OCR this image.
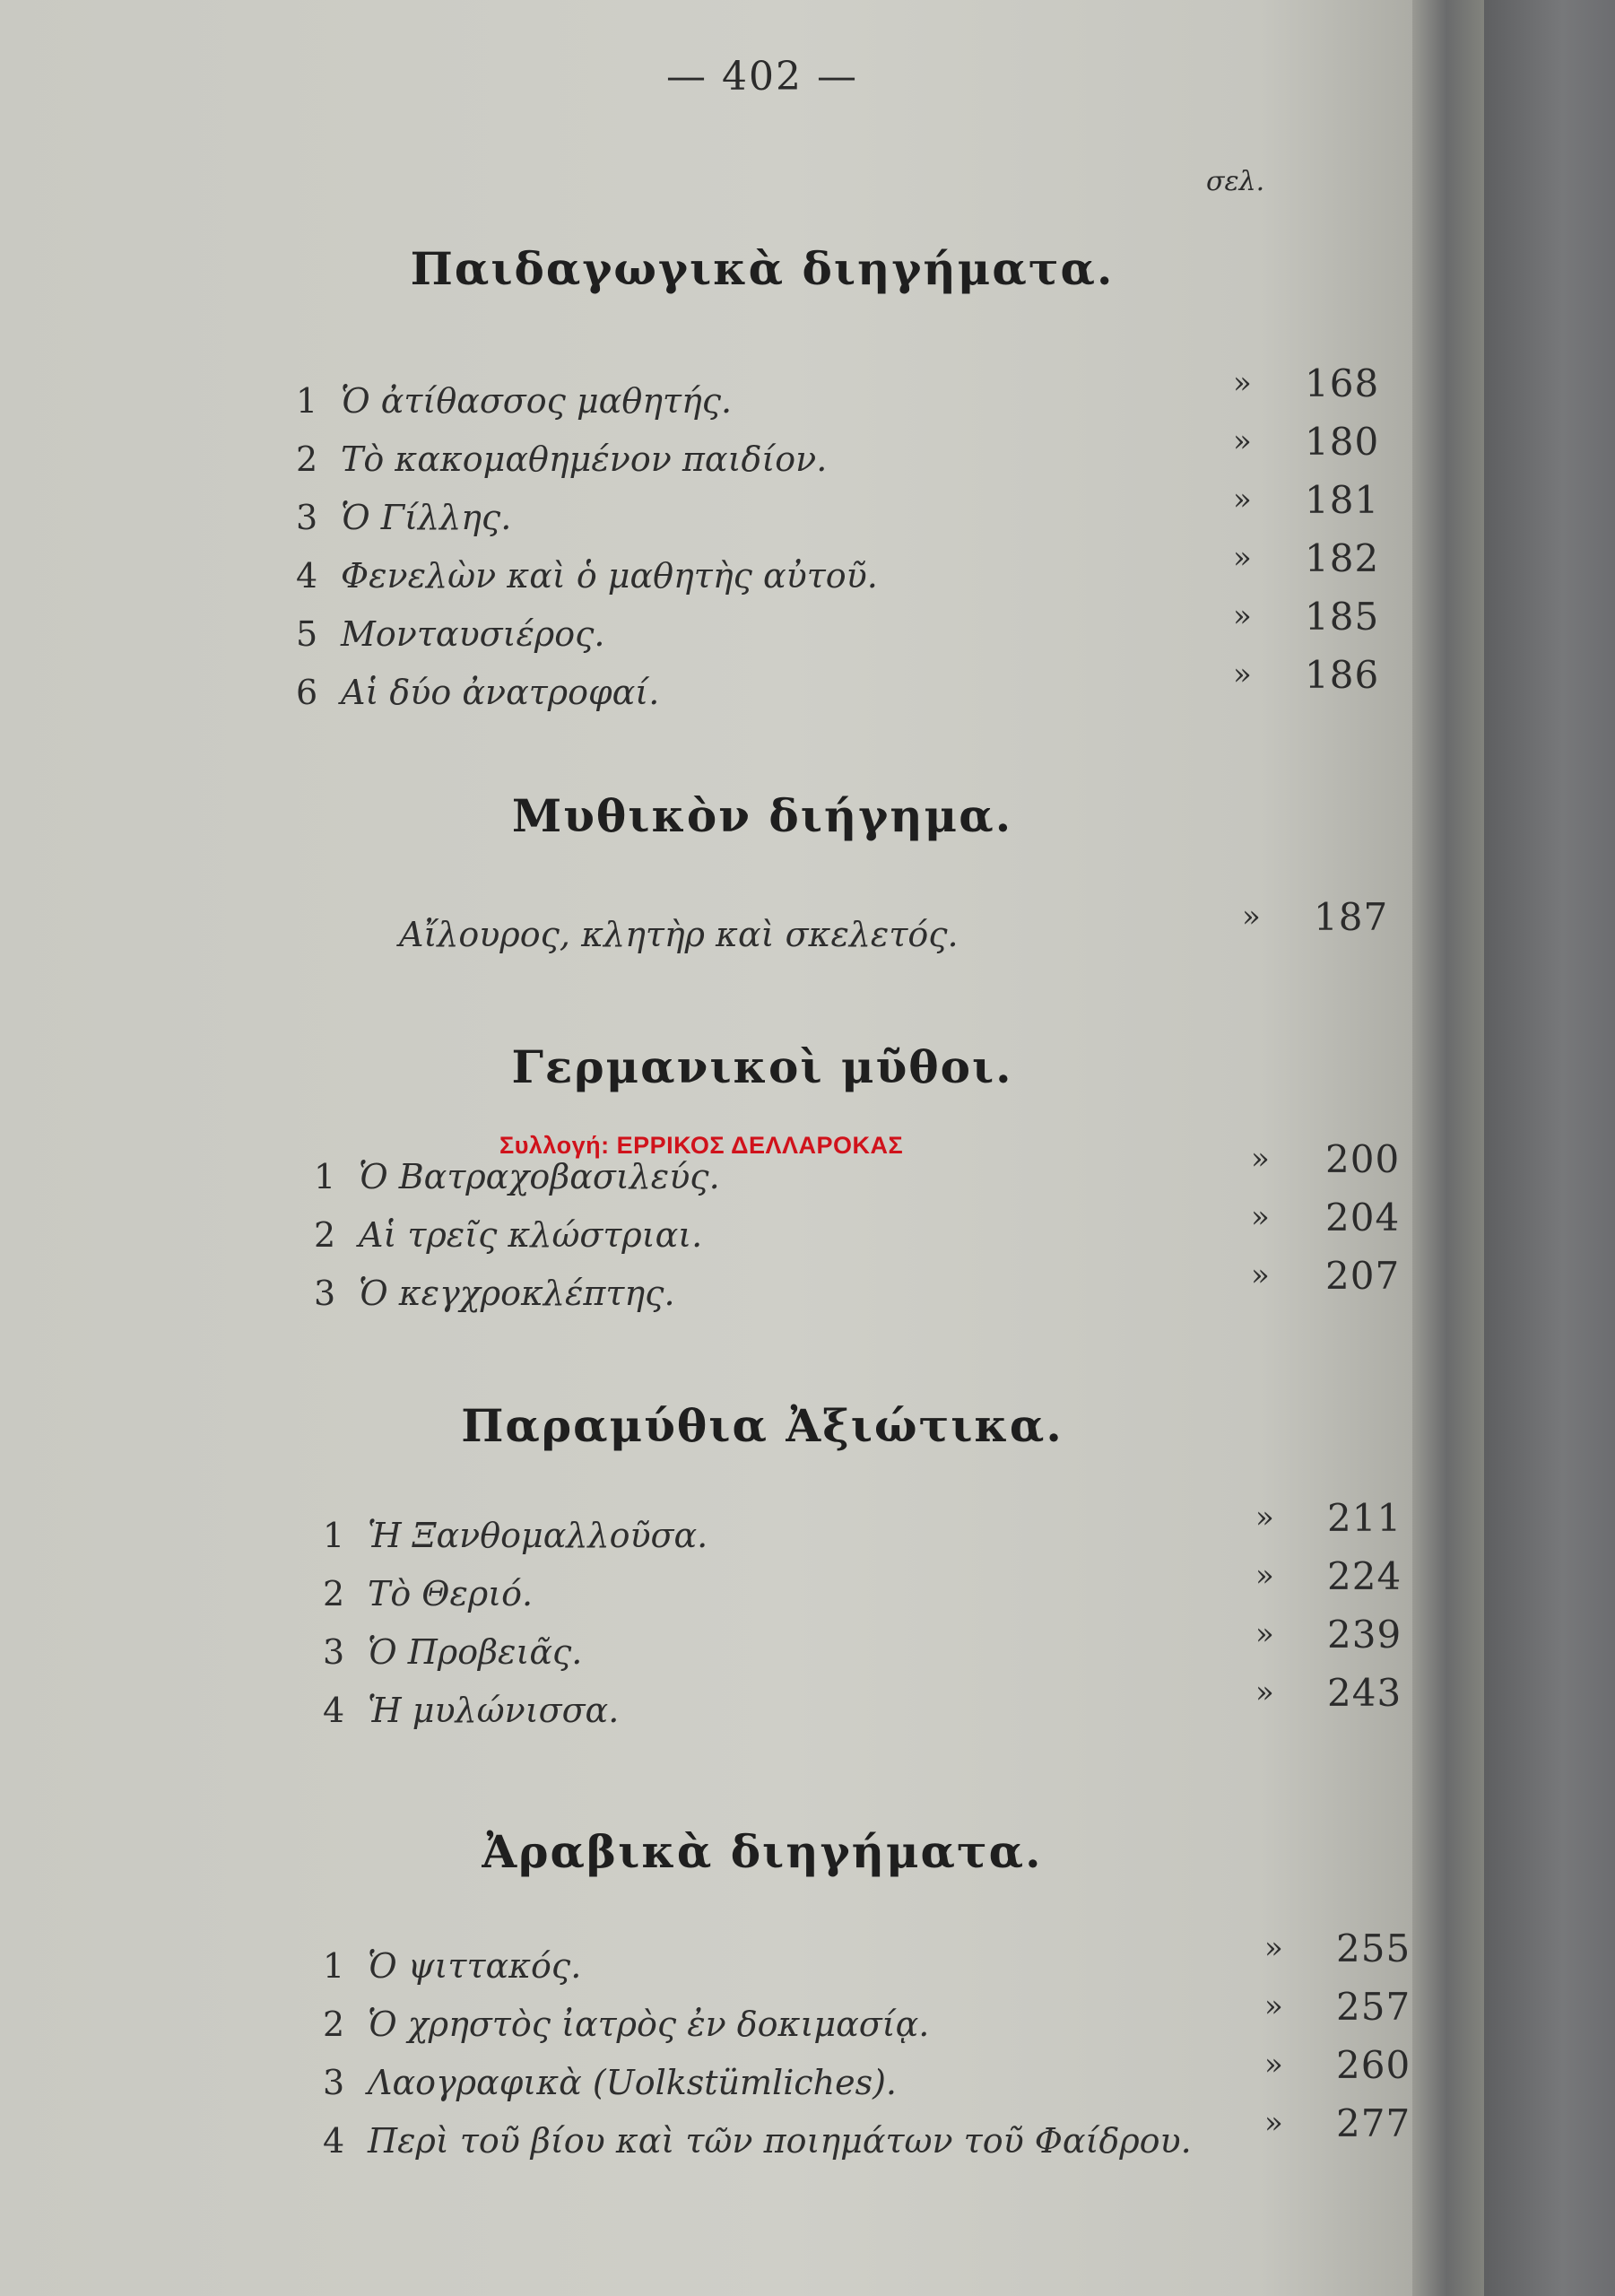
— 402 —
σελ.
Παιδαγωγικὰ διηγήματα.
1 Ὁ ἀτίθασσος μαθητής.	» 168
2 Τὸ κακομαθημένον παιδίον.	» 180
3 Ὁ Γίλλης.	» 181
4 Φενελὼν καὶ ὁ μαθητὴς αὐτοῦ.	» 182
5 Μονταυσιέρος.	» 185
6 Αἱ δύο ἀνατροφαί.	» 186
Μυθικὸν διήγημα.
Αἴλουρος, κλητὴρ καὶ σκελετός.	» 187
Γερμανικοὶ μῦθοι.
1 Ὁ Βατραχοβασιλεύς.	» 200
2 Αἱ τρεῖς κλώστριαι.	» 204
3 Ὁ κεγχροκλέπτης.	» 207
Παραμύθια Ἀξιώτικα.
1 Ἡ Ξανθομαλλοῦσα.	» 211
2 Τὸ Θεριό.	» 224
3 Ὁ Προβειᾶς.	» 239
4 Ἡ μυλώνισσα.	» 243
Ἀραβικὰ διηγήματα.
1 Ὁ ψιττακός.	» 255
2 Ὁ χρηστὸς ἰατρὸς ἐν δοκιμασίᾳ.	» 257
3 Λαογραφικὰ (Uolkstümliches).	» 260
4 Περὶ τοῦ βίου καὶ τῶν ποιημάτων τοῦ Φαίδρου. » 277
Συλλογή: ΕΡΡΙΚΟΣ ΔΕΛΛΑΡΟΚΑΣ
